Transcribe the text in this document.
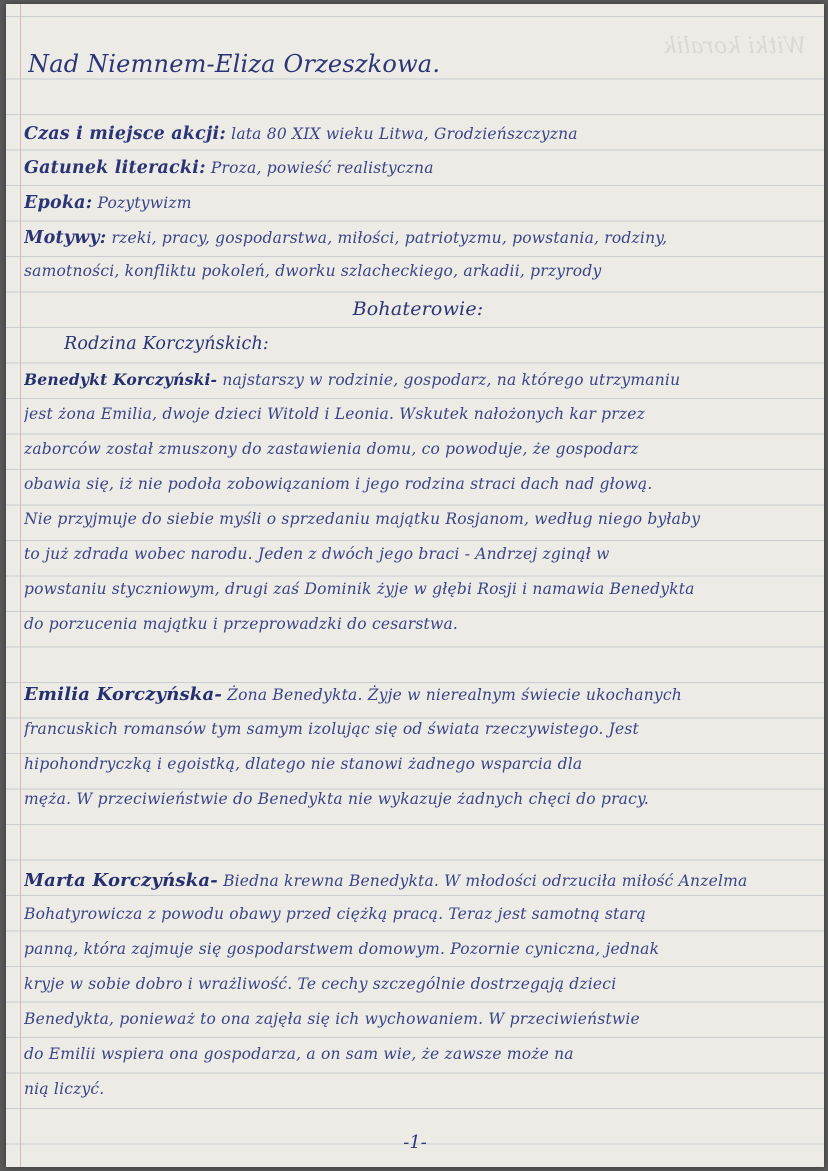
Witki koralik
Nad Niemnem-Eliza Orzeszkowa.
Czas i miejsce akcji: lata 80 XIX wieku Litwa, Grodzieńszczyzna
Gatunek literacki: Proza, powieść realistyczna
Epoka: Pozytywizm
Motywy: rzeki, pracy, gospodarstwa, miłości, patriotyzmu, powstania, rodziny,
samotności, konfliktu pokoleń, dworku szlacheckiego, arkadii, przyrody
Bohaterowie:
Rodzina Korczyńskich:
Benedykt Korczyński- najstarszy w rodzinie, gospodarz, na którego utrzymaniu
jest żona Emilia, dwoje dzieci Witold i Leonia. Wskutek nałożonych kar przez
zaborców został zmuszony do zastawienia domu, co powoduje, że gospodarz
obawia się, iż nie podoła zobowiązaniom i jego rodzina straci dach nad głową.
Nie przyjmuje do siebie myśli o sprzedaniu majątku Rosjanom, według niego byłaby
to już zdrada wobec narodu. Jeden z dwóch jego braci - Andrzej zginął w
powstaniu styczniowym, drugi zaś Dominik żyje w głębi Rosji i namawia Benedykta
do porzucenia majątku i przeprowadzki do cesarstwa.
Emilia Korczyńska- Żona Benedykta. Żyje w nierealnym świecie ukochanych
francuskich romansów tym samym izolując się od świata rzeczywistego. Jest
hipohondryczką i egoistką, dlatego nie stanowi żadnego wsparcia dla
męża. W przeciwieństwie do Benedykta nie wykazuje żadnych chęci do pracy.
Marta Korczyńska- Biedna krewna Benedykta. W młodości odrzuciła miłość Anzelma
Bohatyrowicza z powodu obawy przed ciężką pracą. Teraz jest samotną starą
panną, która zajmuje się gospodarstwem domowym. Pozornie cyniczna, jednak
kryje w sobie dobro i wrażliwość. Te cechy szczególnie dostrzegają dzieci
Benedykta, ponieważ to ona zajęła się ich wychowaniem. W przeciwieństwie
do Emilii wspiera ona gospodarza, a on sam wie, że zawsze może na
nią liczyć.
-1-
